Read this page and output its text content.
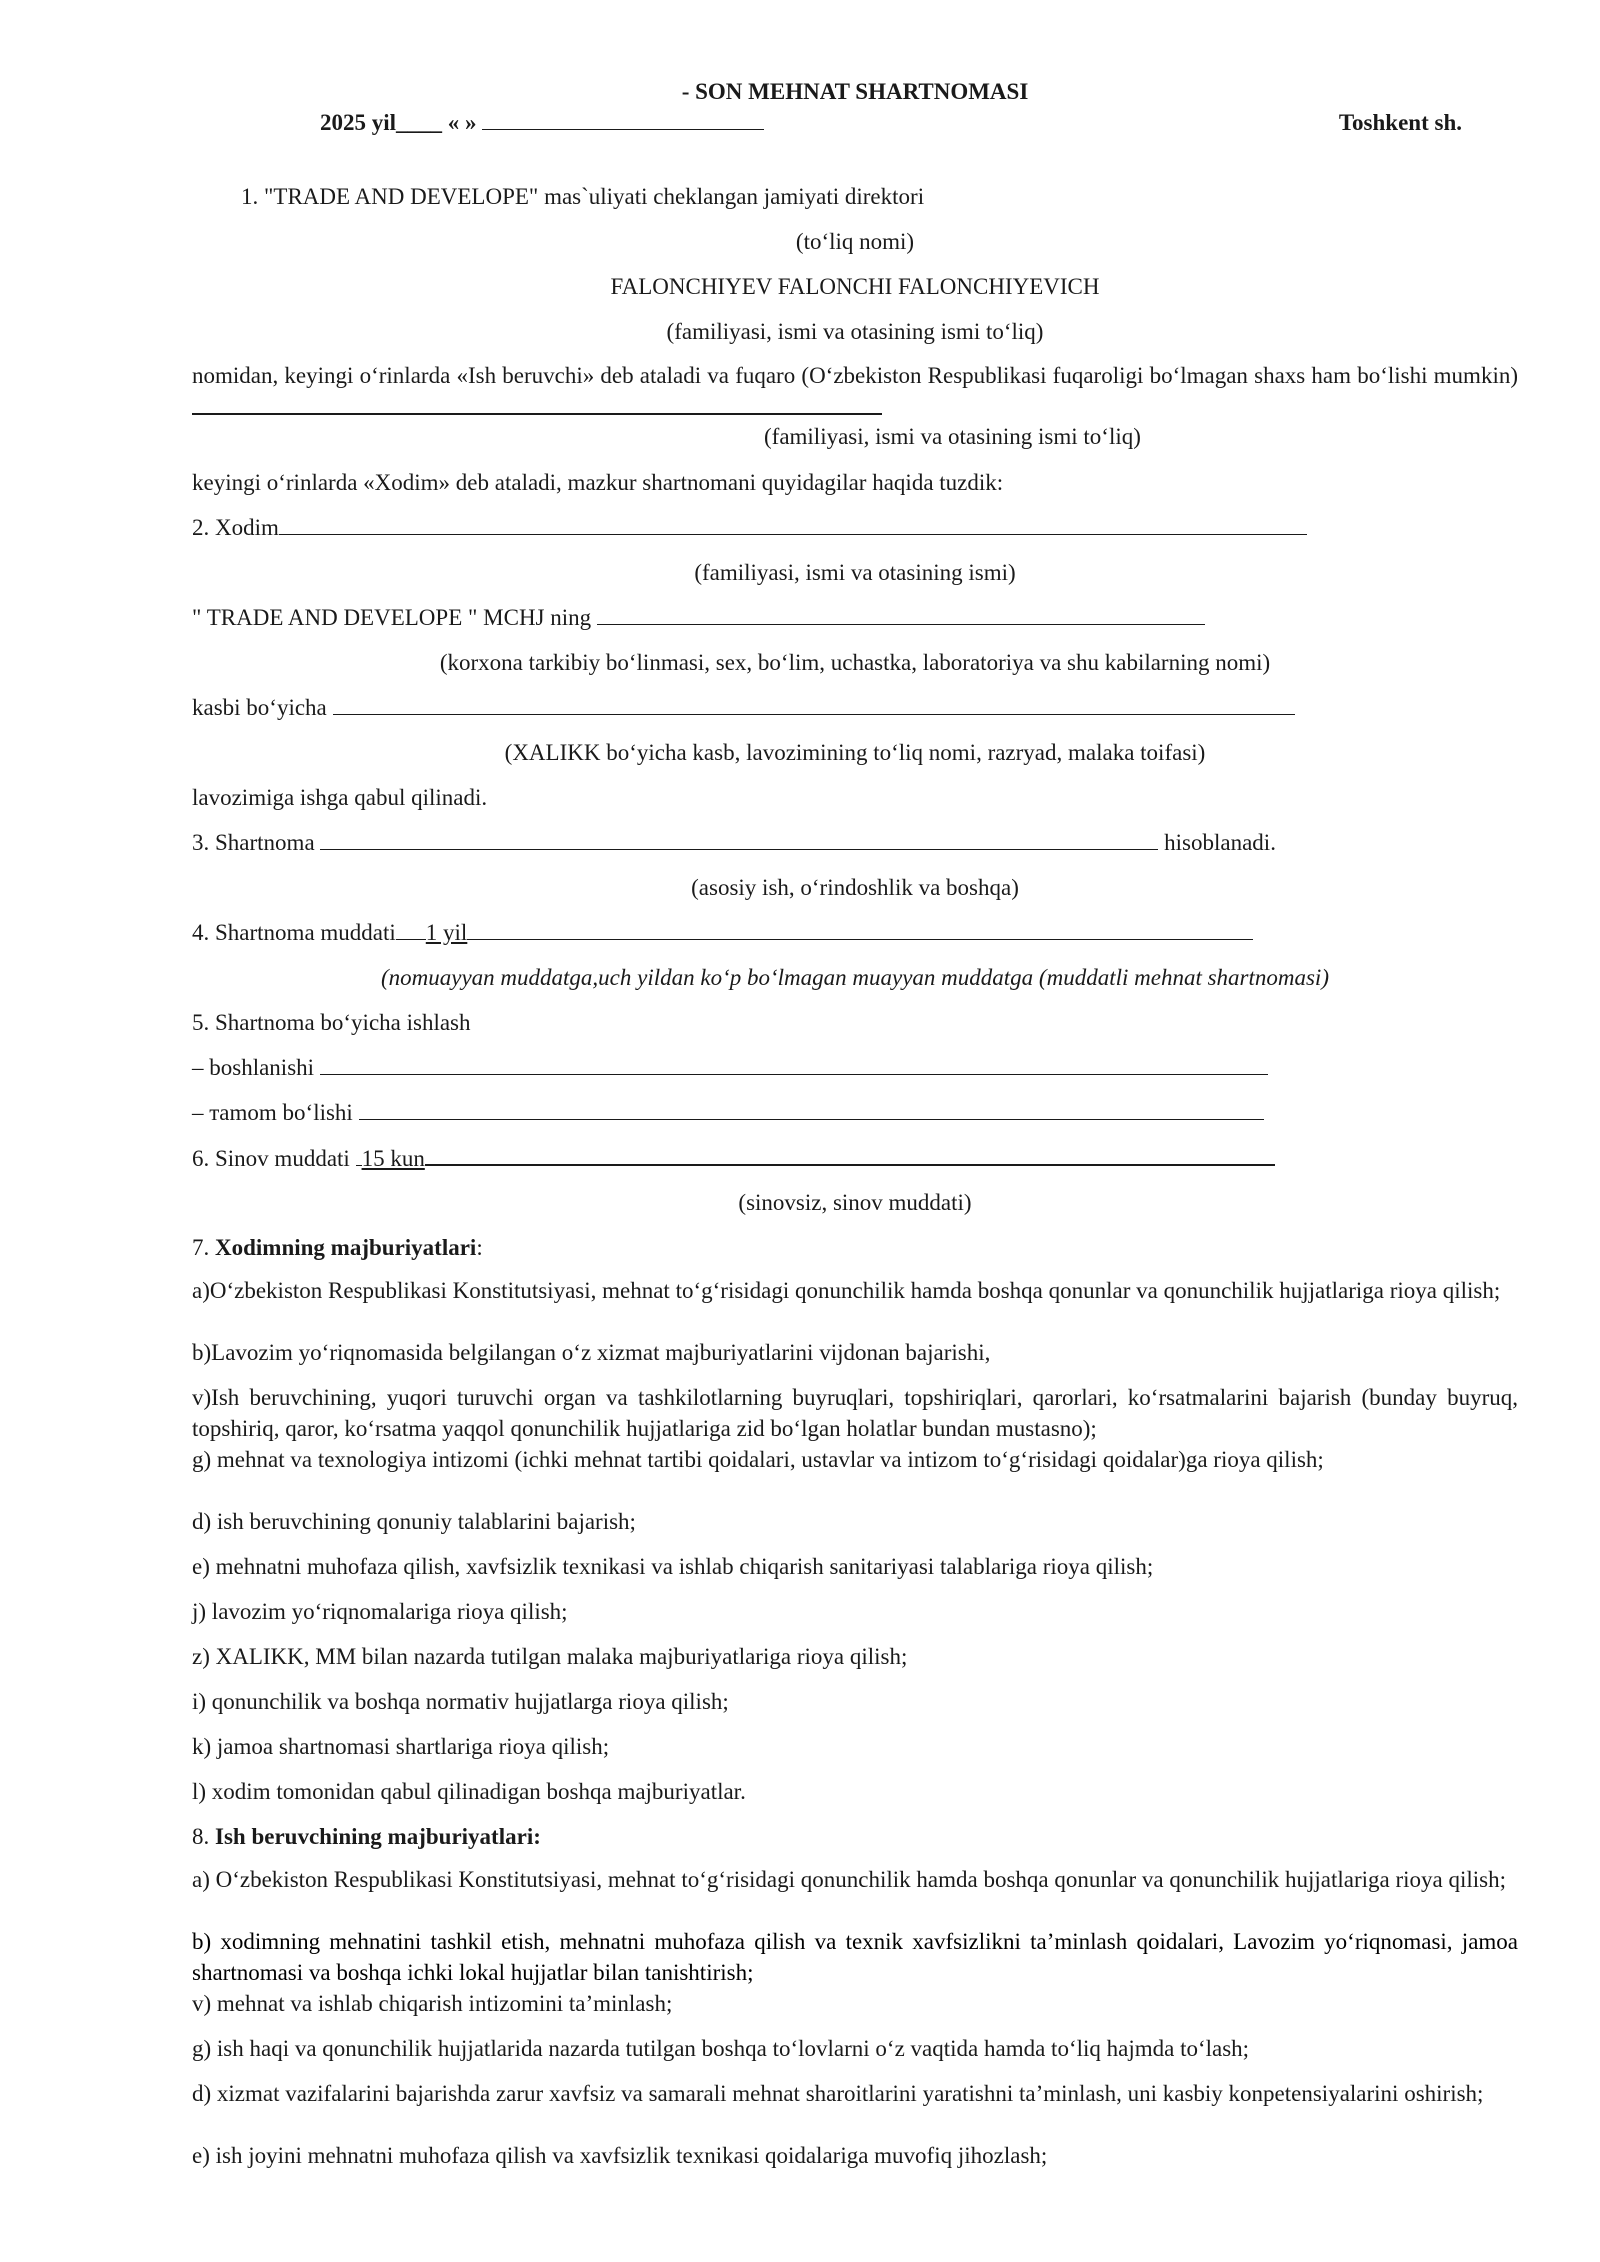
- SON MEHNAT SHARTNOMASI
2025 yil____ « »	Toshkent sh.
1. "TRADE AND DEVELOPE" mas`uliyati cheklangan jamiyati direktori
(to‘liq nomi)
FALONCHIYEV FALONCHI FALONCHIYEVICH
(familiyasi, ismi va otasining ismi to‘liq)
nomidan, keyingi o‘rinlarda «Ish beruvchi» deb ataladi va fuqaro (O‘zbekiston Respublikasi fuqaroligi bo‘lmagan shaxs ham bo‘lishi mumkin)
(familiyasi, ismi va otasining ismi to‘liq)
keyingi o‘rinlarda «Xodim» deb ataladi, mazkur shartnomani quyidagilar haqida tuzdik:
2. Xodim
(familiyasi, ismi va otasining ismi)
" TRADE AND DEVELOPE " MCHJ ning
(korxona tarkibiy bo‘linmasi, sex, bo‘lim, uchastka, laboratoriya va shu kabilarning nomi)
kasbi bo‘yicha
(XALIKK bo‘yicha kasb, lavozimining to‘liq nomi, razryad, malaka toifasi)
lavozimiga ishga qabul qilinadi.
3. Shartnoma	hisoblanadi.
(asosiy ish, o‘rindoshlik va boshqa)
4. Shartnoma muddati 1 yil
(nomuayyan muddatga,uch yildan ko‘p bo‘lmagan muayyan muddatga (muddatli mehnat shartnomasi)
5. Shartnoma bo‘yicha ishlash
– boshlanishi
– тamom bo‘lishi
6. Sinov muddati 15 kun
(sinovsiz, sinov muddati)
7. Xodimning majburiyatlari:
a)O‘zbekiston Respublikasi Konstitutsiyasi, mehnat to‘g‘risidagi qonunchilik hamda boshqa qonunlar va qonunchilik hujjatlariga rioya qilish;
b)Lavozim yo‘riqnomasida belgilangan o‘z xizmat majburiyatlarini vijdonan bajarishi,
v)Ish beruvchining, yuqori turuvchi organ va tashkilotlarning buyruqlari, topshiriqlari, qarorlari, ko‘rsatmalarini bajarish (bunday buyruq, topshiriq, qaror, ko‘rsatma yaqqol qonunchilik hujjatlariga zid bo‘lgan holatlar bundan mustasno);
g) mehnat va texnologiya intizomi (ichki mehnat tartibi qoidalari, ustavlar va intizom to‘g‘risidagi qoidalar)ga rioya qilish;
d) ish beruvchining qonuniy talablarini bajarish;
e) mehnatni muhofaza qilish, xavfsizlik texnikasi va ishlab chiqarish sanitariyasi talablariga rioya qilish;
j) lavozim yo‘riqnomalariga rioya qilish;
z) XALIKK, MM bilan nazarda tutilgan malaka majburiyatlariga rioya qilish;
i) qonunchilik va boshqa normativ hujjatlarga rioya qilish;
k) jamoa shartnomasi shartlariga rioya qilish;
l) xodim tomonidan qabul qilinadigan boshqa majburiyatlar.
8. Ish beruvchining majburiyatlari:
a) O‘zbekiston Respublikasi Konstitutsiyasi, mehnat to‘g‘risidagi qonunchilik hamda boshqa qonunlar va qonunchilik hujjatlariga rioya qilish;
b) xodimning mehnatini tashkil etish, mehnatni muhofaza qilish va texnik xavfsizlikni ta’minlash qoidalari, Lavozim yo‘riqnomasi, jamoa shartnomasi va boshqa ichki lokal hujjatlar bilan tanishtirish;
v) mehnat va ishlab chiqarish intizomini ta’minlash;
g) ish haqi va qonunchilik hujjatlarida nazarda tutilgan boshqa to‘lovlarni o‘z vaqtida hamda to‘liq hajmda to‘lash;
d) xizmat vazifalarini bajarishda zarur xavfsiz va samarali mehnat sharoitlarini yaratishni ta’minlash, uni kasbiy konpetensiyalarini oshirish;
e) ish joyini mehnatni muhofaza qilish va xavfsizlik texnikasi qoidalariga muvofiq jihozlash;
